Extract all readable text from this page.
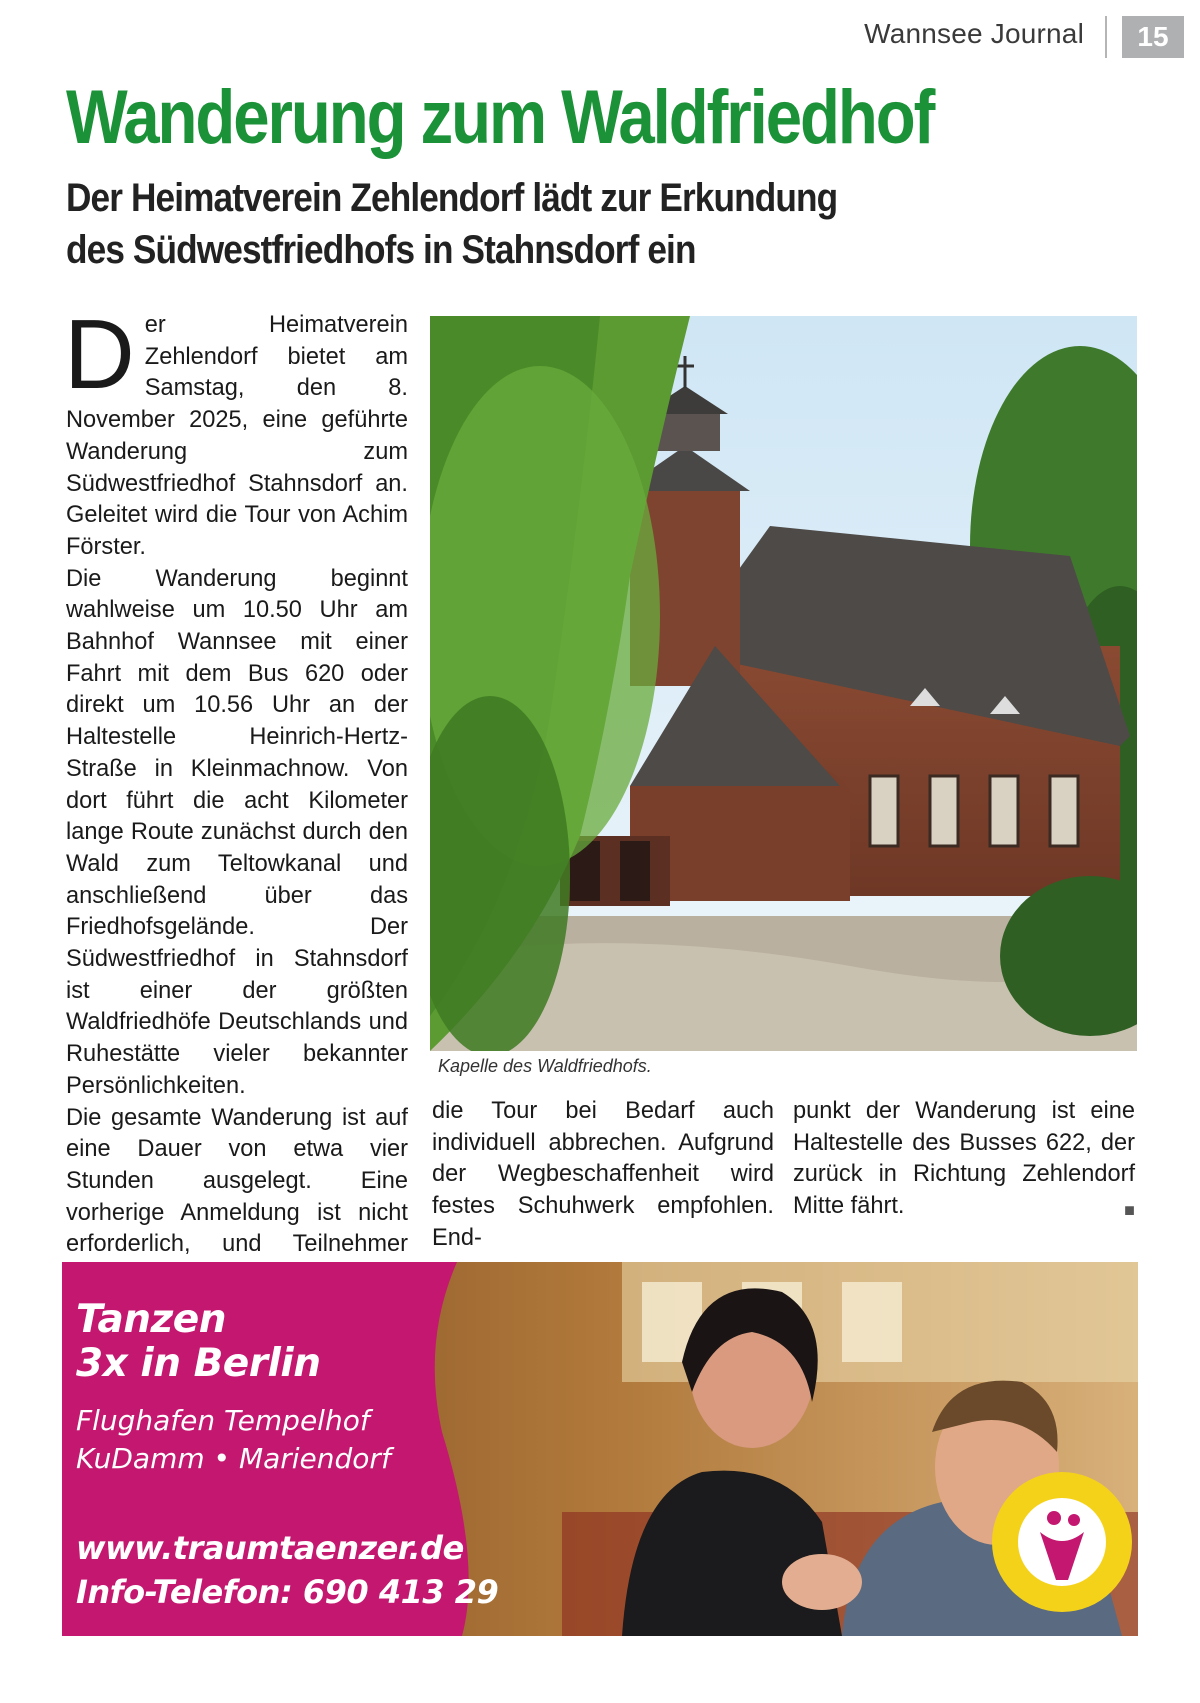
Wannsee Journal	15
Wanderung zum Waldfriedhof
Der Heimatverein Zehlendorf lädt zur Erkundung
des Südwestfriedhofs in Stahnsdorf ein

Der Heimatverein Zehlendorf bietet am Samstag, den 8. November 2025, eine geführte Wanderung zum Südwestfriedhof Stahnsdorf an. Geleitet wird die Tour von Achim Förster.

Die Wanderung beginnt wahlweise um 10.50 Uhr am Bahnhof Wannsee mit einer Fahrt mit dem Bus 620 oder direkt um 10.56 Uhr an der Haltestelle Heinrich-Hertz-Straße in Kleinmachnow. Von dort führt die acht Kilometer lange Route zunächst durch den Wald zum Teltowkanal und anschließend über das Friedhofsgelände. Der Südwestfriedhof in Stahnsdorf ist einer der größten Waldfriedhöfe Deutschlands und Ruhestätte vieler bekannter Persönlichkeiten.

Die gesamte Wanderung ist auf eine Dauer von etwa vier Stunden ausgelegt. Eine vorherige Anmeldung ist nicht erforderlich, und Teilnehmer

Kapelle des Waldfriedhofs.

die Tour bei Bedarf auch individuell abbrechen. Aufgrund der Wegbeschaffenheit wird festes Schuhwerk empfohlen. End-

punkt der Wanderung ist eine Haltestelle des Busses 622, der zurück in Richtung Zehlendorf Mitte fährt.	■

Tanzen
3x in Berlin
Flughafen Tempelhof
KuDamm • Mariendorf
www.traumtaenzer.de
Info-Telefon: 690 413 29
